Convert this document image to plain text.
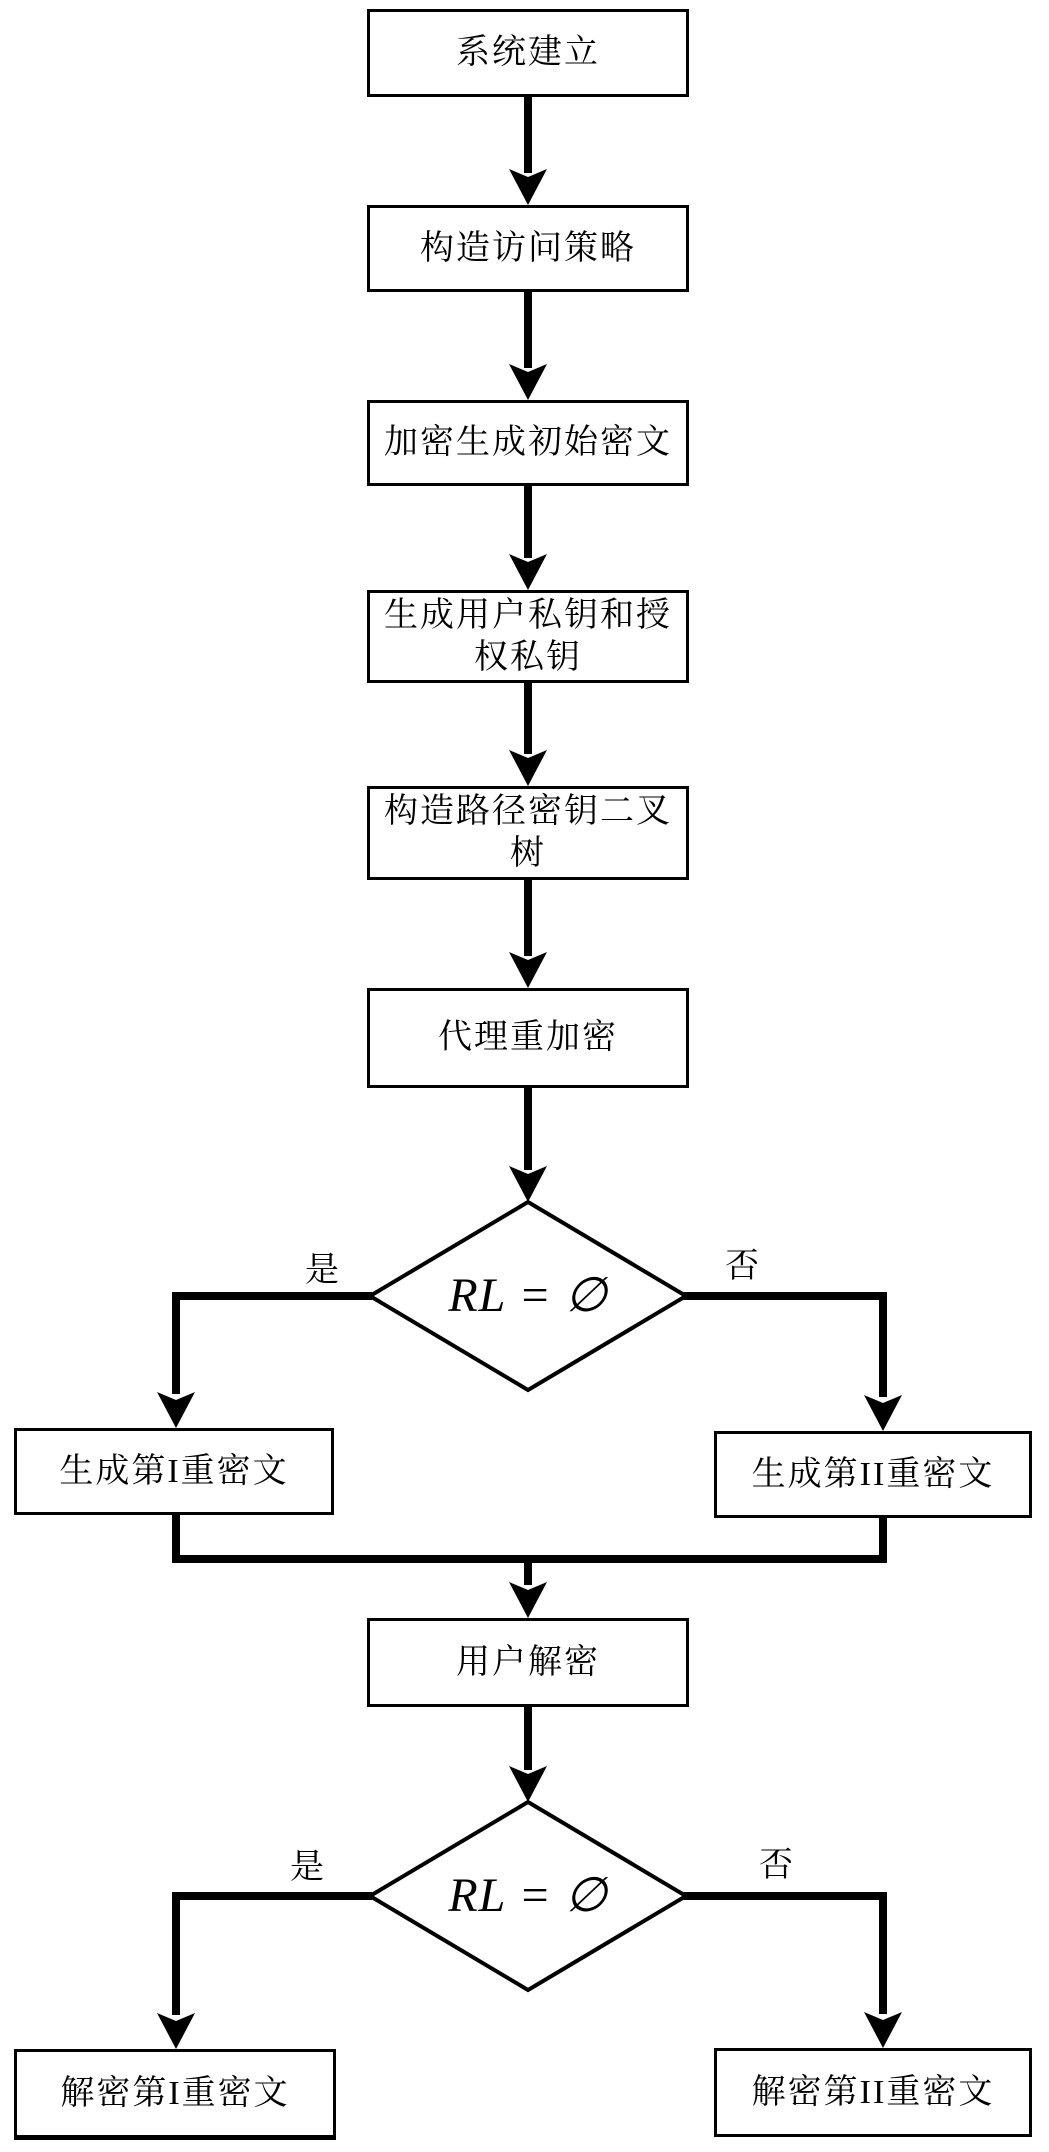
系统建立
构造访问策略
加密生成初始密文
生成用户私钥和授
权私钥
构造路径密钥二叉
树
代理重加密
生成第I重密文	生成第II重密文
用户解密
解密第I重密文	解密第II重密文
RL = ∅
RL = ∅
是	否
是	否
